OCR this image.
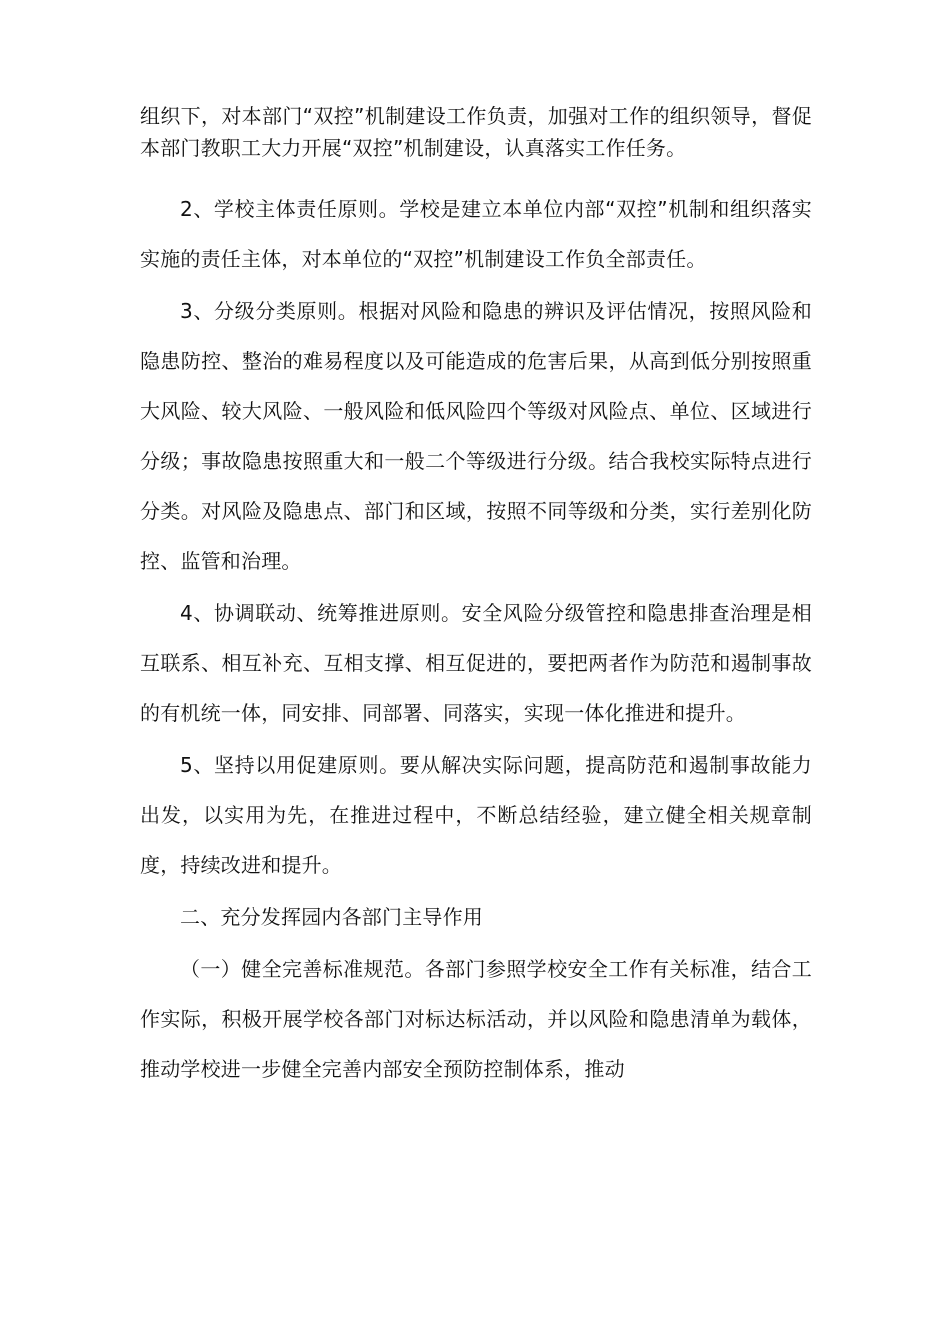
组织下，对本部门“双控”机制建设工作负责，加强对工作的组织领导，督促本部门教职工大力开展“双控”机制建设，认真落实工作任务。

2、学校主体责任原则。学校是建立本单位内部“双控”机制和组织落实实施的责任主体，对本单位的“双控”机制建设工作负全部责任。

3、分级分类原则。根据对风险和隐患的辨识及评估情况，按照风险和隐患防控、整治的难易程度以及可能造成的危害后果，从高到低分别按照重大风险、较大风险、一般风险和低风险四个等级对风险点、单位、区域进行分级；事故隐患按照重大和一般二个等级进行分级。结合我校实际特点进行分类。对风险及隐患点、部门和区域，按照不同等级和分类，实行差别化防控、监管和治理。

4、协调联动、统筹推进原则。安全风险分级管控和隐患排查治理是相互联系、相互补充、互相支撑、相互促进的，要把两者作为防范和遏制事故的有机统一体，同安排、同部署、同落实，实现一体化推进和提升。

5、坚持以用促建原则。要从解决实际问题，提高防范和遏制事故能力出发，以实用为先，在推进过程中，不断总结经验，建立健全相关规章制度，持续改进和提升。

二、充分发挥园内各部门主导作用

（一）健全完善标准规范。各部门参照学校安全工作有关标准，结合工作实际，积极开展学校各部门对标达标活动，并以风险和隐患清单为载体，推动学校进一步健全完善内部安全预防控制体系，推动
